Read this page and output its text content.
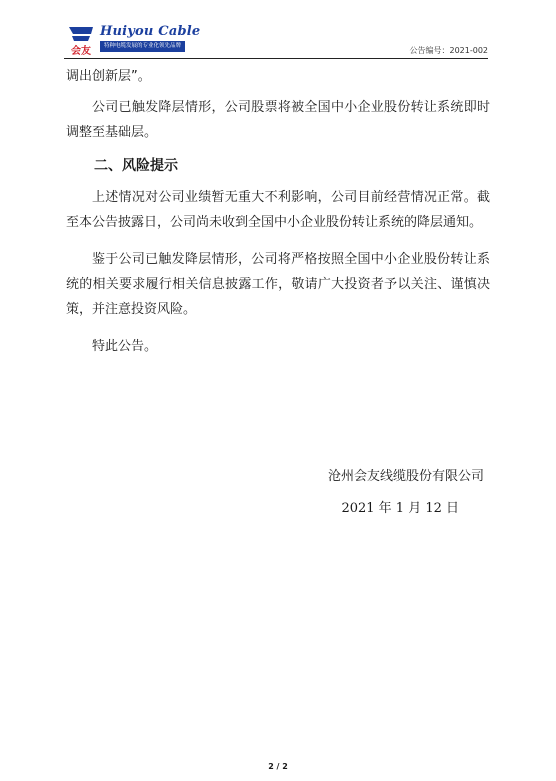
会友
Huiyou Cable
特种电缆发展的专业化领先品牌	公告编号：2021-002

调出创新层”。

公司已触发降层情形，公司股票将被全国中小企业股份转让系统即时调整至基础层。

二、风险提示

上述情况对公司业绩暂无重大不利影响，公司目前经营情况正常。截至本公告披露日，公司尚未收到全国中小企业股份转让系统的降层通知。

鉴于公司已触发降层情形，公司将严格按照全国中小企业股份转让系统的相关要求履行相关信息披露工作，敬请广大投资者予以关注、谨慎决策，并注意投资风险。

特此公告。

沧州会友线缆股份有限公司
2021 年 1 月 12 日
2 / 2
